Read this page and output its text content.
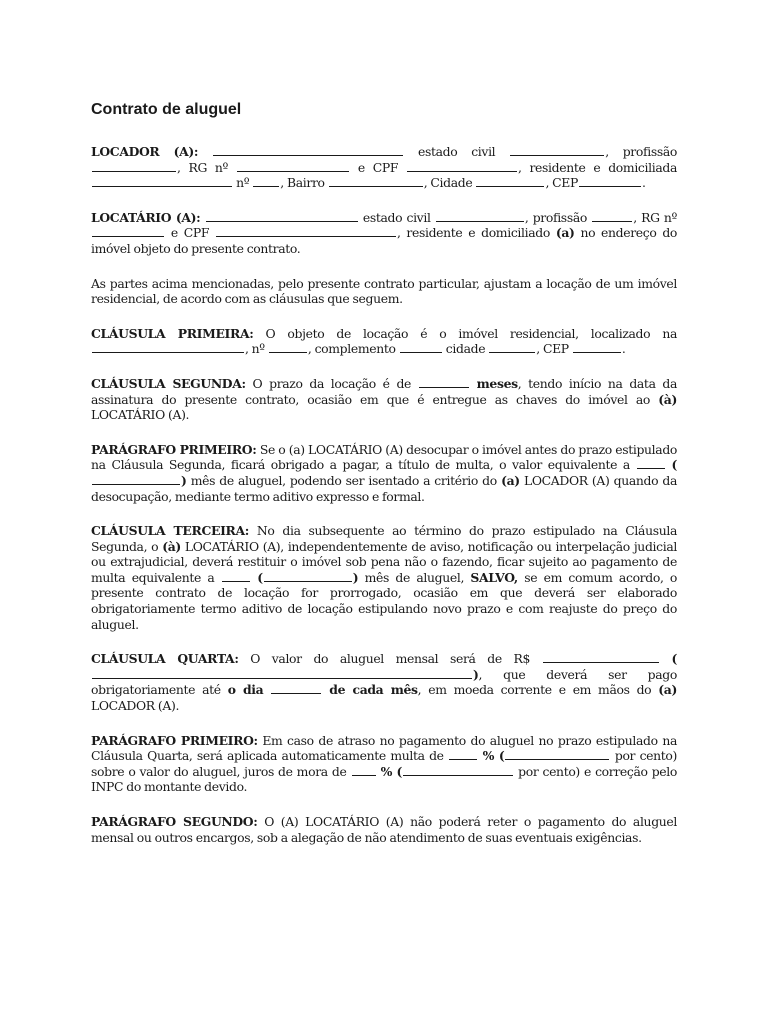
Contrato de aluguel

LOCADOR (A):	estado civil	, profissão , RG nº	e CPF	, residente e domiciliada  nº	, Bairro	, Cidade	, CEP	.

LOCATÁRIO (A):	estado civil	, profissão	, RG nº  e CPF	, residente e domiciliado (a) no endereço do imóvel objeto do presente contrato.

As partes acima mencionadas, pelo presente contrato particular, ajustam a locação de um imóvel residencial, de acordo com as cláusulas que seguem.

CLÁUSULA PRIMEIRA: O objeto de locação é o imóvel residencial, localizado na , nº	, complemento	cidade	, CEP	.

CLÁUSULA SEGUNDA: O prazo da locação é de	meses, tendo início na data da assinatura do presente contrato, ocasião em que é entregue as chaves do imóvel ao (à) LOCATÁRIO (A).

PARÁGRAFO PRIMEIRO: Se o (a) LOCATÁRIO (A) desocupar o imóvel antes do prazo estipulado na Cláusula Segunda, ficará obrigado a pagar, a título de multa, o valor equivalente a	() mês de aluguel, podendo ser isentado a critério do (a) LOCADOR (A) quando da desocupação, mediante termo aditivo expresso e formal.

CLÁUSULA TERCEIRA: No dia subsequente ao término do prazo estipulado na Cláusula Segunda, o (à) LOCATÁRIO (A), independentemente de aviso, notificação ou interpelação judicial ou extrajudicial, deverá restituir o imóvel sob pena não o fazendo, ficar sujeito ao pagamento de multa equivalente a	(	) mês de aluguel, SALVO, se em comum acordo, o presente contrato de locação for prorrogado, ocasião em que deverá ser elaborado obrigatoriamente termo aditivo de locação estipulando novo prazo e com reajuste do preço do aluguel.

CLÁUSULA QUARTA: O valor do aluguel mensal será de R$	(), que deverá ser pago obrigatoriamente até o dia	de cada mês, em moeda corrente e em mãos do (a) LOCADOR (A).

PARÁGRAFO PRIMEIRO: Em caso de atraso no pagamento do aluguel no prazo estipulado na Cláusula Quarta, será aplicada automaticamente multa de	% (	por cento) sobre o valor do aluguel, juros de mora de	% (	por cento) e correção pelo INPC do montante devido.

PARÁGRAFO SEGUNDO: O (A) LOCATÁRIO (A) não poderá reter o pagamento do aluguel mensal ou outros encargos, sob a alegação de não atendimento de suas eventuais exigências.
